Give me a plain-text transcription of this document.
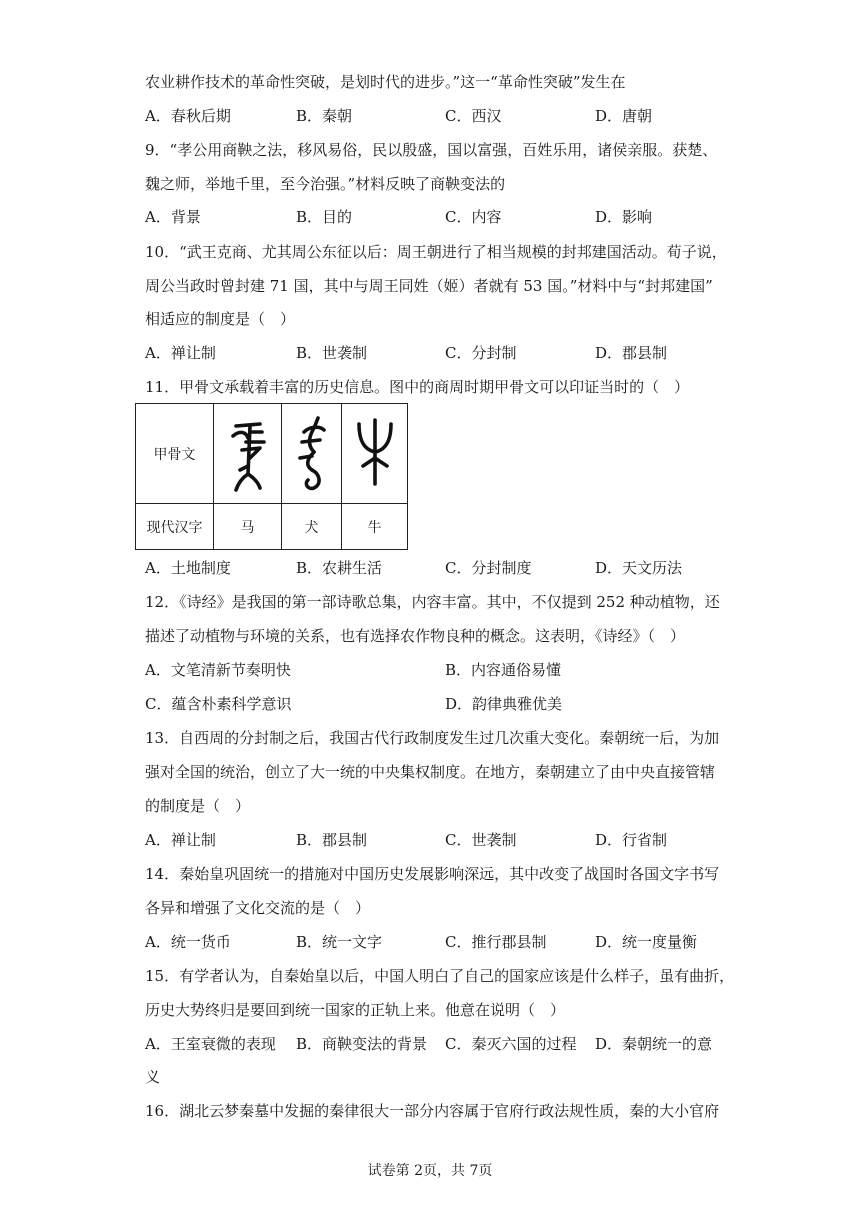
农业耕作技术的革命性突破，是划时代的进步。”这一“革命性突破”发生在
A．春秋后期	B．秦朝	C．西汉	D．唐朝
9．“孝公用商鞅之法，移风易俗，民以殷盛，国以富强，百姓乐用，诸侯亲服。获楚、
魏之师，举地千里，至今治强。”材料反映了商鞅变法的
A．背景	B．目的	C．内容	D．影响
10．“武王克商、尤其周公东征以后：周王朝进行了相当规模的封邦建国活动。荀子说，
周公当政时曾封建 71 国，其中与周王同姓（姬）者就有 53 国。”材料中与“封邦建国”
相适应的制度是（　）
A．禅让制	B．世袭制	C．分封制	D．郡县制
11．甲骨文承载着丰富的历史信息。图中的商周时期甲骨文可以印证当时的（　）
甲骨文			
现代汉字	马	犬	牛
A．土地制度	B．农耕生活	C．分封制度	D．天文历法
12．《诗经》是我国的第一部诗歌总集，内容丰富。其中，不仅提到 252 种动植物，还
描述了动植物与环境的关系，也有选择农作物良种的概念。这表明，《诗经》（　）
A．文笔清新节奏明快	B．内容通俗易懂
C．蕴含朴素科学意识	D．韵律典雅优美
13．自西周的分封制之后，我国古代行政制度发生过几次重大变化。秦朝统一后，为加
强对全国的统治，创立了大一统的中央集权制度。在地方，秦朝建立了由中央直接管辖
的制度是（　）
A．禅让制	B．郡县制	C．世袭制	D．行省制
14．秦始皇巩固统一的措施对中国历史发展影响深远，其中改变了战国时各国文字书写
各异和增强了文化交流的是（　）
A．统一货币	B．统一文字	C．推行郡县制	D．统一度量衡
15．有学者认为，自秦始皇以后，中国人明白了自己的国家应该是什么样子，虽有曲折，
历史大势终归是要回到统一国家的正轨上来。他意在说明（　）
A．王室衰微的表现 B．商鞅变法的背景 C．秦灭六国的过程 D．秦朝统一的意
义
16．湖北云梦秦墓中发掘的秦律很大一部分内容属于官府行政法规性质，秦的大小官府
试卷第 2页，共 7页
